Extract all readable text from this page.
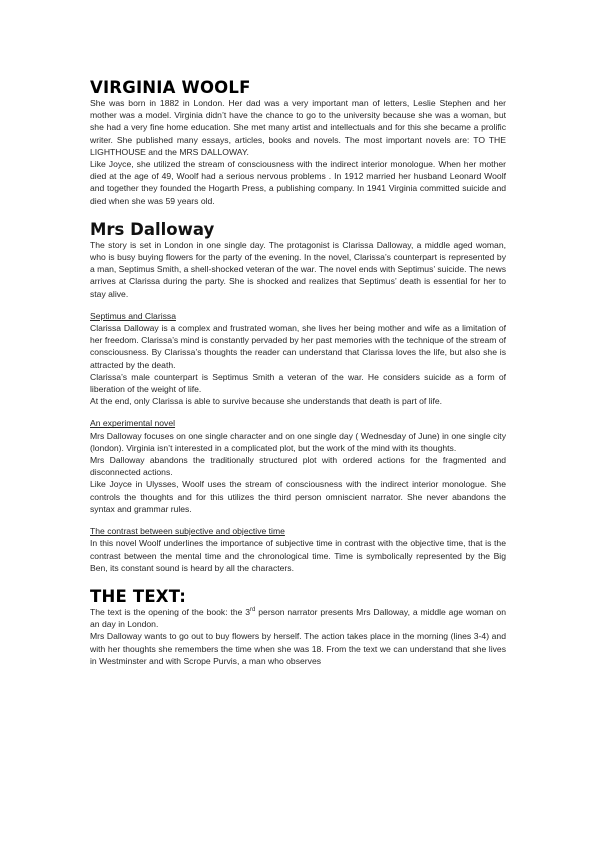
VIRGINIA WOOLF

She was born in 1882 in London. Her dad was a very important man of letters, Leslie Stephen and her mother was a model. Virginia didn’t have the chance to go to the university because she was a woman, but she had a very fine home education. She met many artist and intellectuals and for this she became a prolific writer. She published many essays, articles, books and novels. The most important novels are: TO THE LIGHTHOUSE and the MRS DALLOWAY.

Like Joyce, she utilized the stream of consciousness with the indirect interior monologue. When her mother died at the age of 49, Woolf had a serious nervous problems . In 1912 married her husband Leonard Woolf and together they founded the Hogarth Press, a publishing company. In 1941 Virginia committed suicide and died when she was 59 years old.

Mrs Dalloway

The story is set in London in one single day. The protagonist is Clarissa Dalloway, a middle aged woman, who is busy buying flowers for the party of the evening. In the novel, Clarissa’s counterpart is represented by a man, Septimus Smith, a shell-shocked veteran of the war. The novel ends with Septimus’ suicide. The news arrives at Clarissa during the party. She is shocked and realizes that Septimus’ death is essential for her to stay alive.

Septimus and Clarissa

Clarissa Dalloway is a complex and frustrated woman, she lives her being mother and wife as a limitation of her freedom. Clarissa’s mind is constantly pervaded by her past memories with the technique of the stream of consciousness. By Clarissa’s thoughts the reader can understand that Clarissa loves the life, but also she is attracted by the death.

Clarissa’s male counterpart is Septimus Smith a veteran of the war. He considers suicide as a form of liberation of the weight of life.

At the end, only Clarissa is able to survive because she understands that death is part of life.

An experimental novel

Mrs Dalloway focuses on one single character and on one single day ( Wednesday of June) in one single city (london). Virginia isn’t interested in a complicated plot, but the work of the mind with its thoughts.

Mrs Dalloway abandons the traditionally structured plot with ordered actions for the fragmented and disconnected actions.

Like Joyce in Ulysses, Woolf uses the stream of consciousness with the indirect interior monologue. She controls the thoughts and for this utilizes the third person omniscient narrator. She never abandons the syntax and grammar rules.

The contrast between subjective and objective time

In this novel Woolf underlines the importance of subjective time in contrast with the objective time, that is the contrast between the mental time and the chronological time. Time is symbolically represented by the Big Ben, its constant sound is heard by all the characters.

THE TEXT:

The text is the opening of the book: the 3rd person narrator presents Mrs Dalloway, a middle age woman on an day in London.

Mrs Dalloway wants to go out to buy flowers by herself. The action takes place in the morning (lines 3-4) and with her thoughts she remembers the time when she was 18. From the text we can understand that she lives in Westminster and with Scrope Purvis, a man who observes
